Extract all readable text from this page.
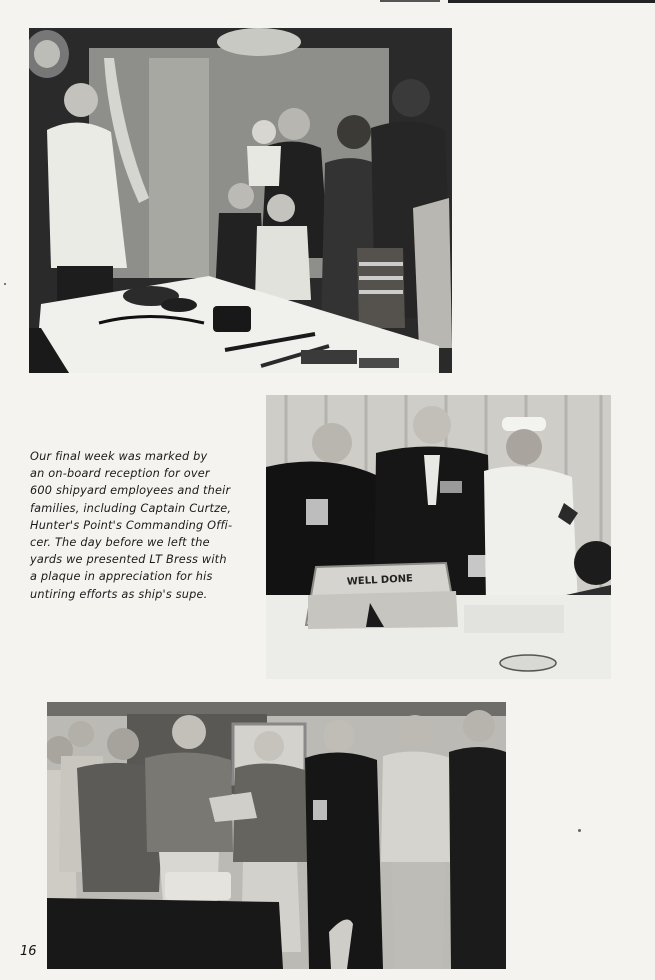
Our final week was marked by
an on-board reception for over
600 shipyard employees and their
families, including Captain Curtze,
Hunter's Point's Commanding Offi-
cer. The day before we left the
yards we presented LT Bress with
a plaque in appreciation for his
untiring efforts as ship's supe.
WELL DONE
16
